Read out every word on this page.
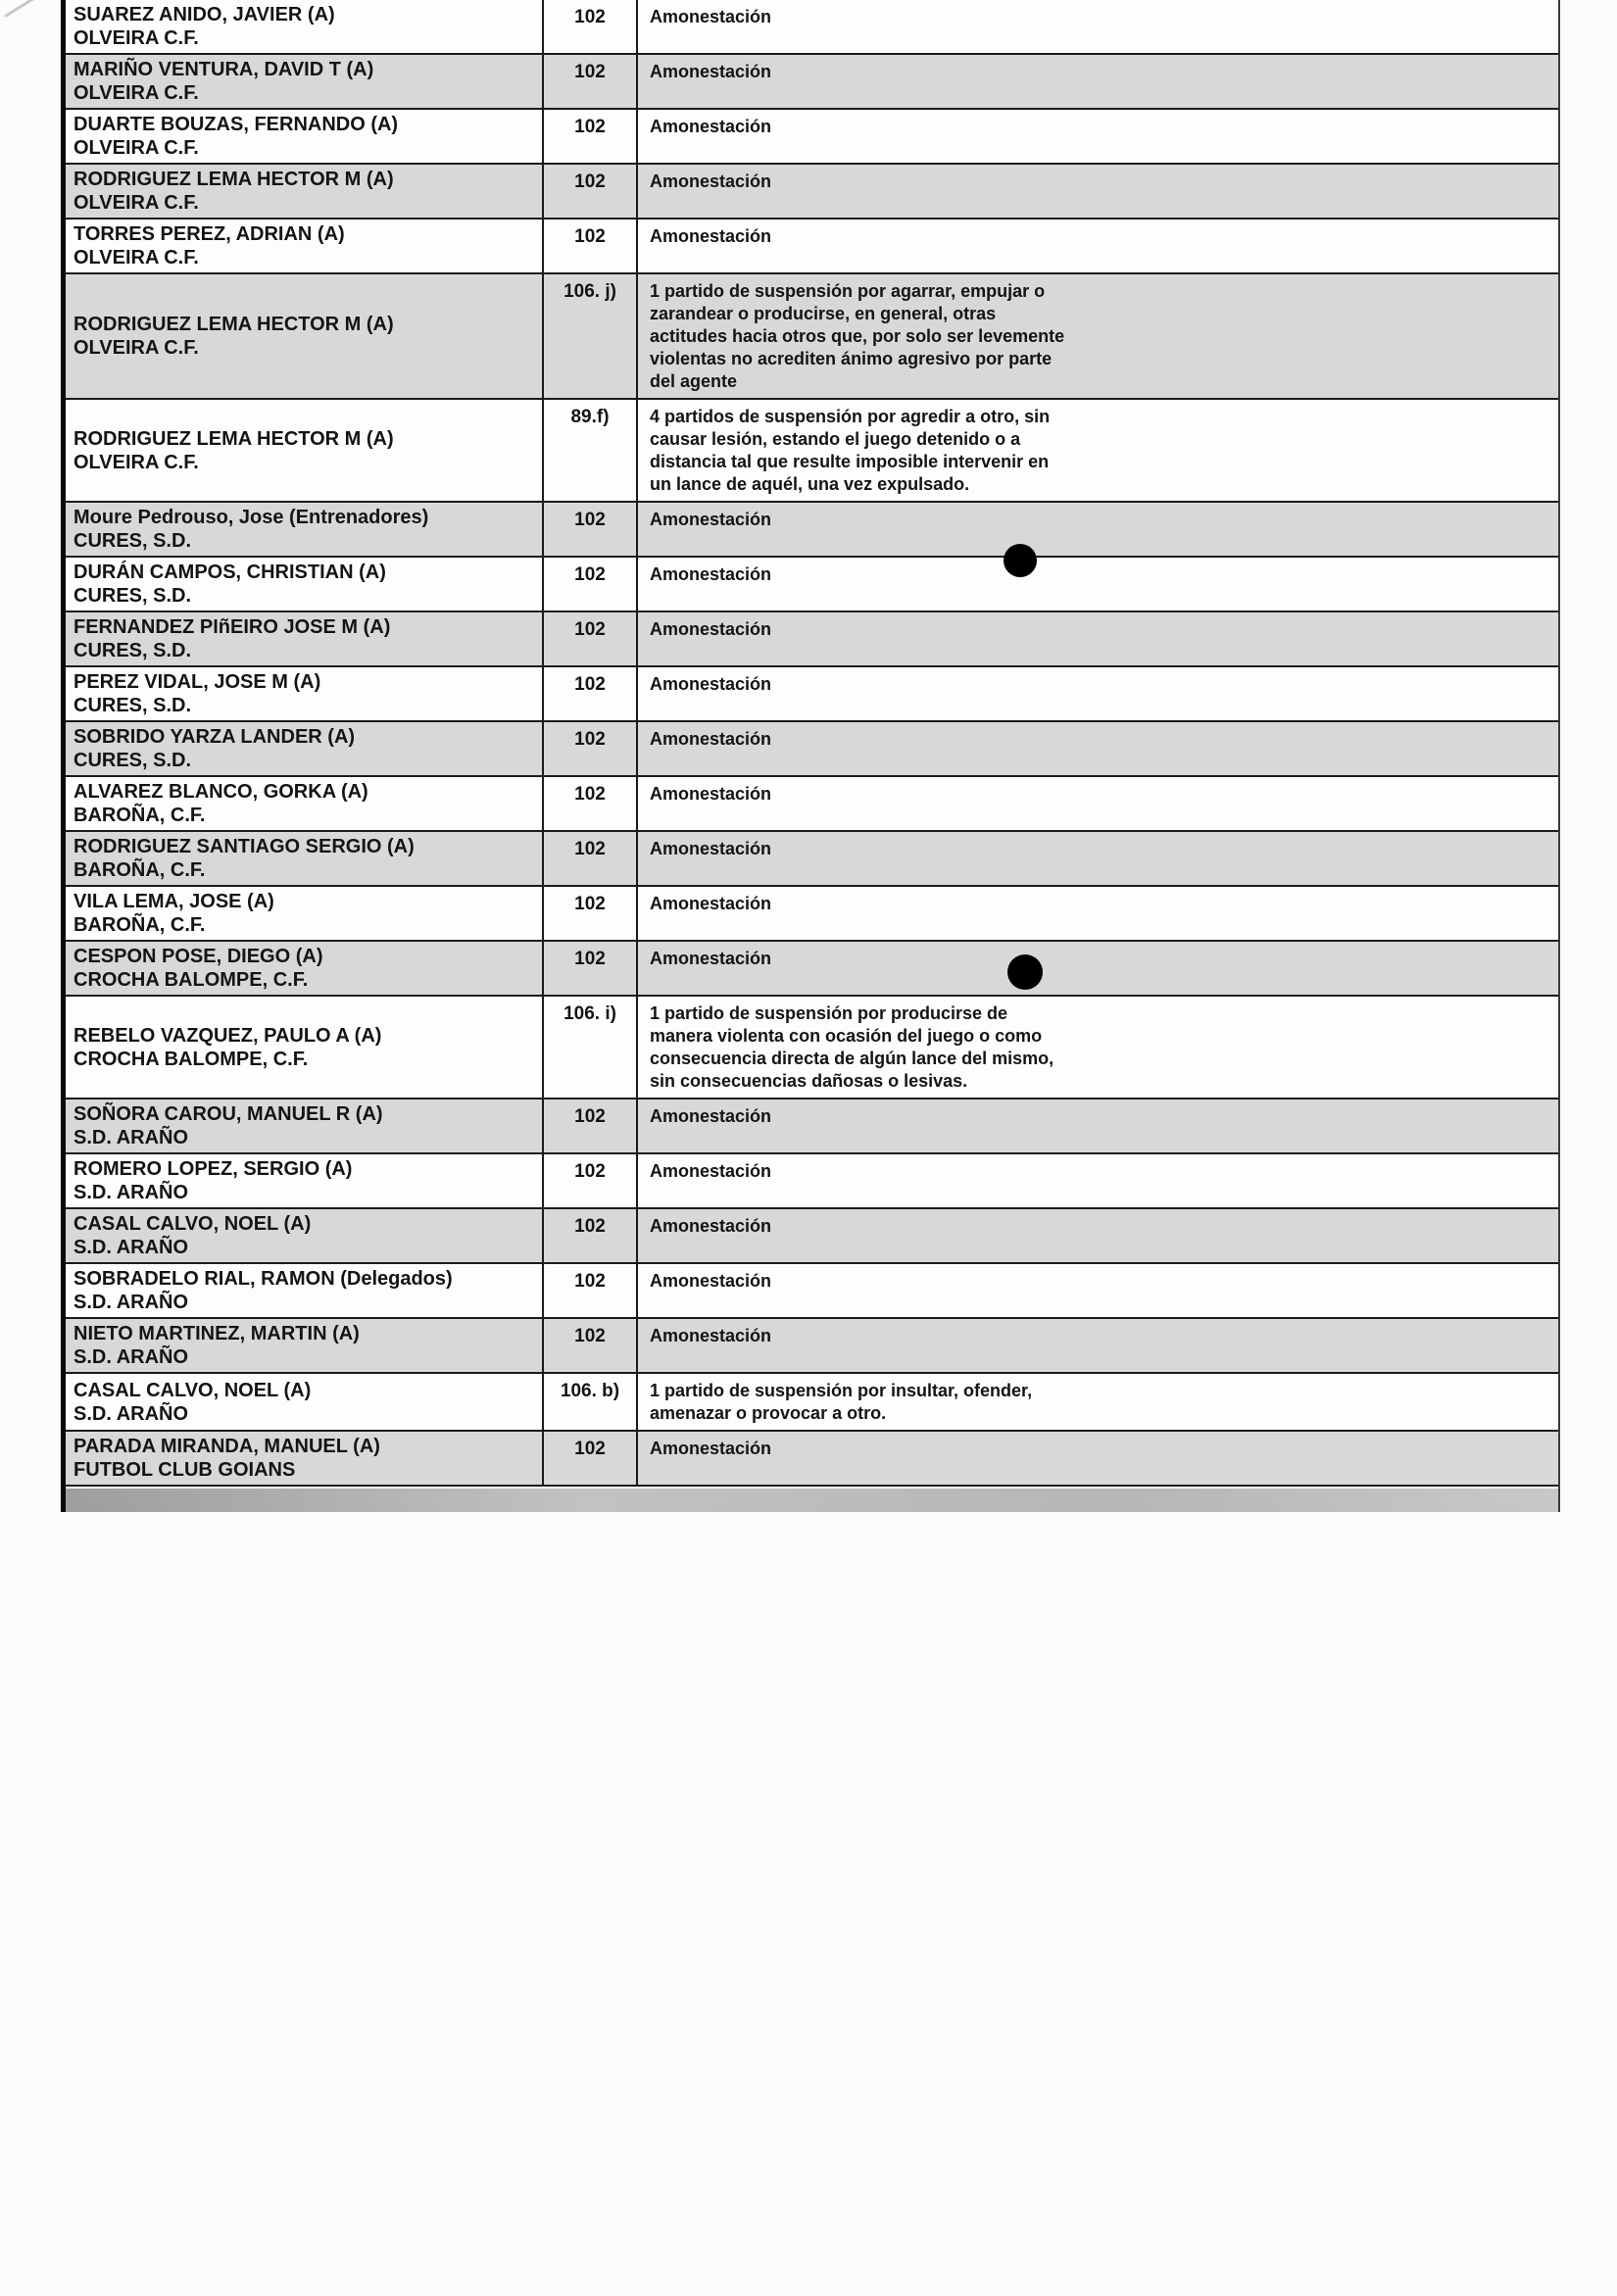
SUAREZ ANIDO, JAVIER (A)
OLVEIRA C.F.
102	Amonestación
MARIÑO VENTURA, DAVID T (A)
OLVEIRA C.F.
102	Amonestación
DUARTE BOUZAS, FERNANDO (A)
OLVEIRA C.F.
102	Amonestación
RODRIGUEZ LEMA HECTOR M (A)
OLVEIRA C.F.
102	Amonestación
TORRES PEREZ, ADRIAN (A)
OLVEIRA C.F.
102	Amonestación
RODRIGUEZ LEMA HECTOR M (A)
OLVEIRA C.F.
106. j)	1 partido de suspensión por agarrar, empujar o zarandear o producirse, en general, otras actitudes hacia otros que, por solo ser levemente violentas no acrediten ánimo agresivo por parte del agente
RODRIGUEZ LEMA HECTOR M (A)
OLVEIRA C.F.
89.f)	4 partidos de suspensión por agredir a otro, sin causar lesión, estando el juego detenido o a distancia tal que resulte imposible intervenir en un lance de aquél, una vez expulsado.
Moure Pedrouso, Jose (Entrenadores)
CURES, S.D.
102	Amonestación
DURÁN CAMPOS, CHRISTIAN (A)
CURES, S.D.
102	Amonestación
FERNANDEZ PIñEIRO JOSE M (A)
CURES, S.D.
102	Amonestación
PEREZ VIDAL, JOSE M (A)
CURES, S.D.
102	Amonestación
SOBRIDO YARZA LANDER (A)
CURES, S.D.
102	Amonestación
ALVAREZ BLANCO, GORKA (A)
BAROÑA, C.F.
102	Amonestación
RODRIGUEZ SANTIAGO SERGIO (A)
BAROÑA, C.F.
102	Amonestación
VILA LEMA, JOSE (A)
BAROÑA, C.F.
102	Amonestación
CESPON POSE, DIEGO (A)
CROCHA BALOMPE, C.F.
102	Amonestación
REBELO VAZQUEZ, PAULO A (A)
CROCHA BALOMPE, C.F.
106. i)	1 partido de suspensión por producirse de manera violenta con ocasión del juego o como consecuencia directa de algún lance del mismo, sin consecuencias dañosas o lesivas.
SOÑORA CAROU, MANUEL R (A)
S.D. ARAÑO
102	Amonestación
ROMERO LOPEZ, SERGIO (A)
S.D. ARAÑO
102	Amonestación
CASAL CALVO, NOEL (A)
S.D. ARAÑO
102	Amonestación
SOBRADELO RIAL, RAMON (Delegados)
S.D. ARAÑO
102	Amonestación
NIETO MARTINEZ, MARTIN (A)
S.D. ARAÑO
102	Amonestación
CASAL CALVO, NOEL (A)
S.D. ARAÑO
106. b)	1 partido de suspensión por insultar, ofender, amenazar o provocar a otro.
PARADA MIRANDA, MANUEL (A)
FUTBOL CLUB GOIANS
102	Amonestación
